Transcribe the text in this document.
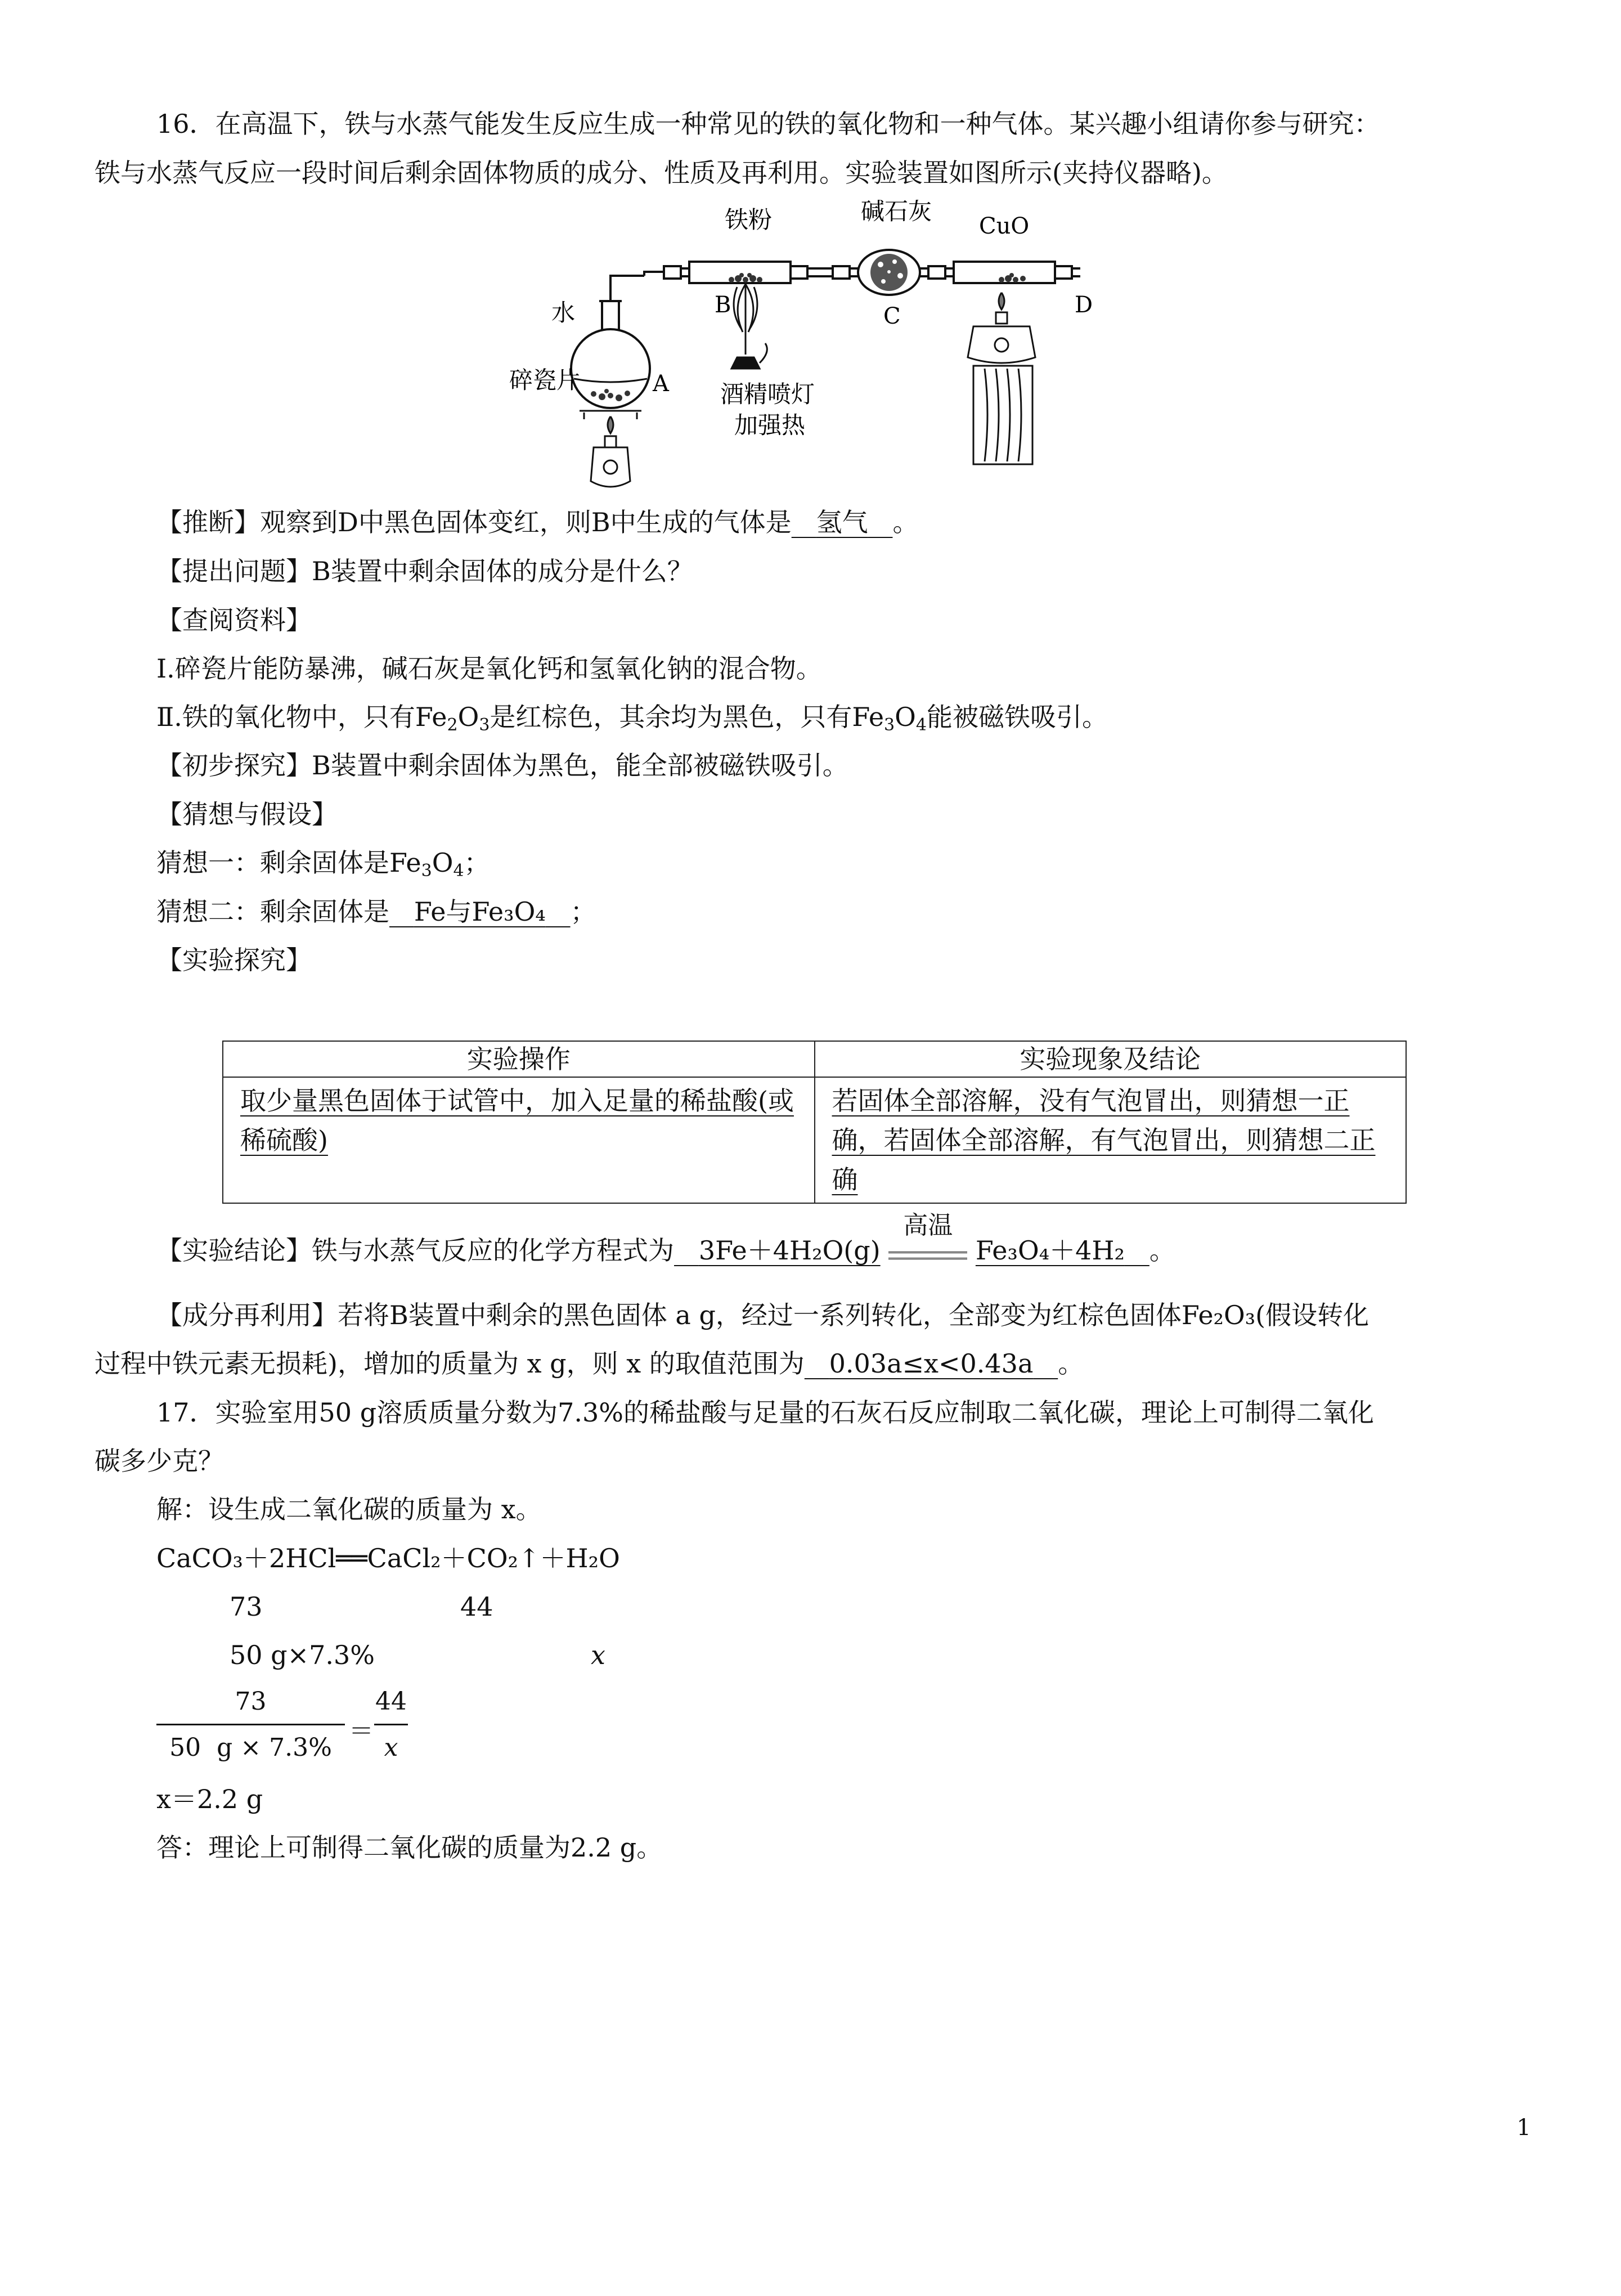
16．在高温下，铁与水蒸气能发生反应生成一种常见的铁的氧化物和一种气体。某兴趣小组请你参与研究：
铁与水蒸气反应一段时间后剩余固体物质的成分、性质及再利用。实验装置如图所示(夹持仪器略)。
铁粉	碱石灰
CuO
水
碎瓷片	A
B	C	D
酒精喷灯
加强热
【推断】观察到D中黑色固体变红，则B中生成的气体是 氢气 。
【提出问题】B装置中剩余固体的成分是什么？
【查阅资料】
Ⅰ.碎瓷片能防暴沸，碱石灰是氧化钙和氢氧化钠的混合物。
Ⅱ.铁的氧化物中，只有$Fe_2O_3$是红棕色，其余均为黑色，只有$Fe_3O_4$能被磁铁吸引。
【初步探究】B装置中剩余固体为黑色，能全部被磁铁吸引。
【猜想与假设】
猜想一：剩余固体是$Fe_3O_4$；
猜想二：剩余固体是 Fe与Fe₃O₄ ；
【实验探究】
实验操作	实验现象及结论
取少量黑色固体于试管中，加入足量的稀盐酸(或稀硫酸)	若固体全部溶解，没有气泡冒出，则猜想一正确，若固体全部溶解，有气泡冒出，则猜想二正确
【实验结论】铁与水蒸气反应的化学方程式为 3Fe＋4H₂O(g)
高温
Fe₃O₄＋4H₂ 。
【成分再利用】若将B装置中剩余的黑色固体 a g，经过一系列转化，全部变为红棕色固体Fe₂O₃(假设转化
过程中铁元素无损耗)，增加的质量为 x g，则 x 的取值范围为 0.03a≤x<0.43a 。
17．实验室用50 g溶质质量分数为7.3%的稀盐酸与足量的石灰石反应制取二氧化碳，理论上可制得二氧化
碳多少克？
解：设生成二氧化碳的质量为 x。
CaCO₃＋2HCl══CaCl₂＋CO₂↑＋H₂O
73	44
50 g×7.3%	x
73
50  g × 7.3%
＝
44
x
x＝2.2 g
答：理论上可制得二氧化碳的质量为2.2 g。
1
